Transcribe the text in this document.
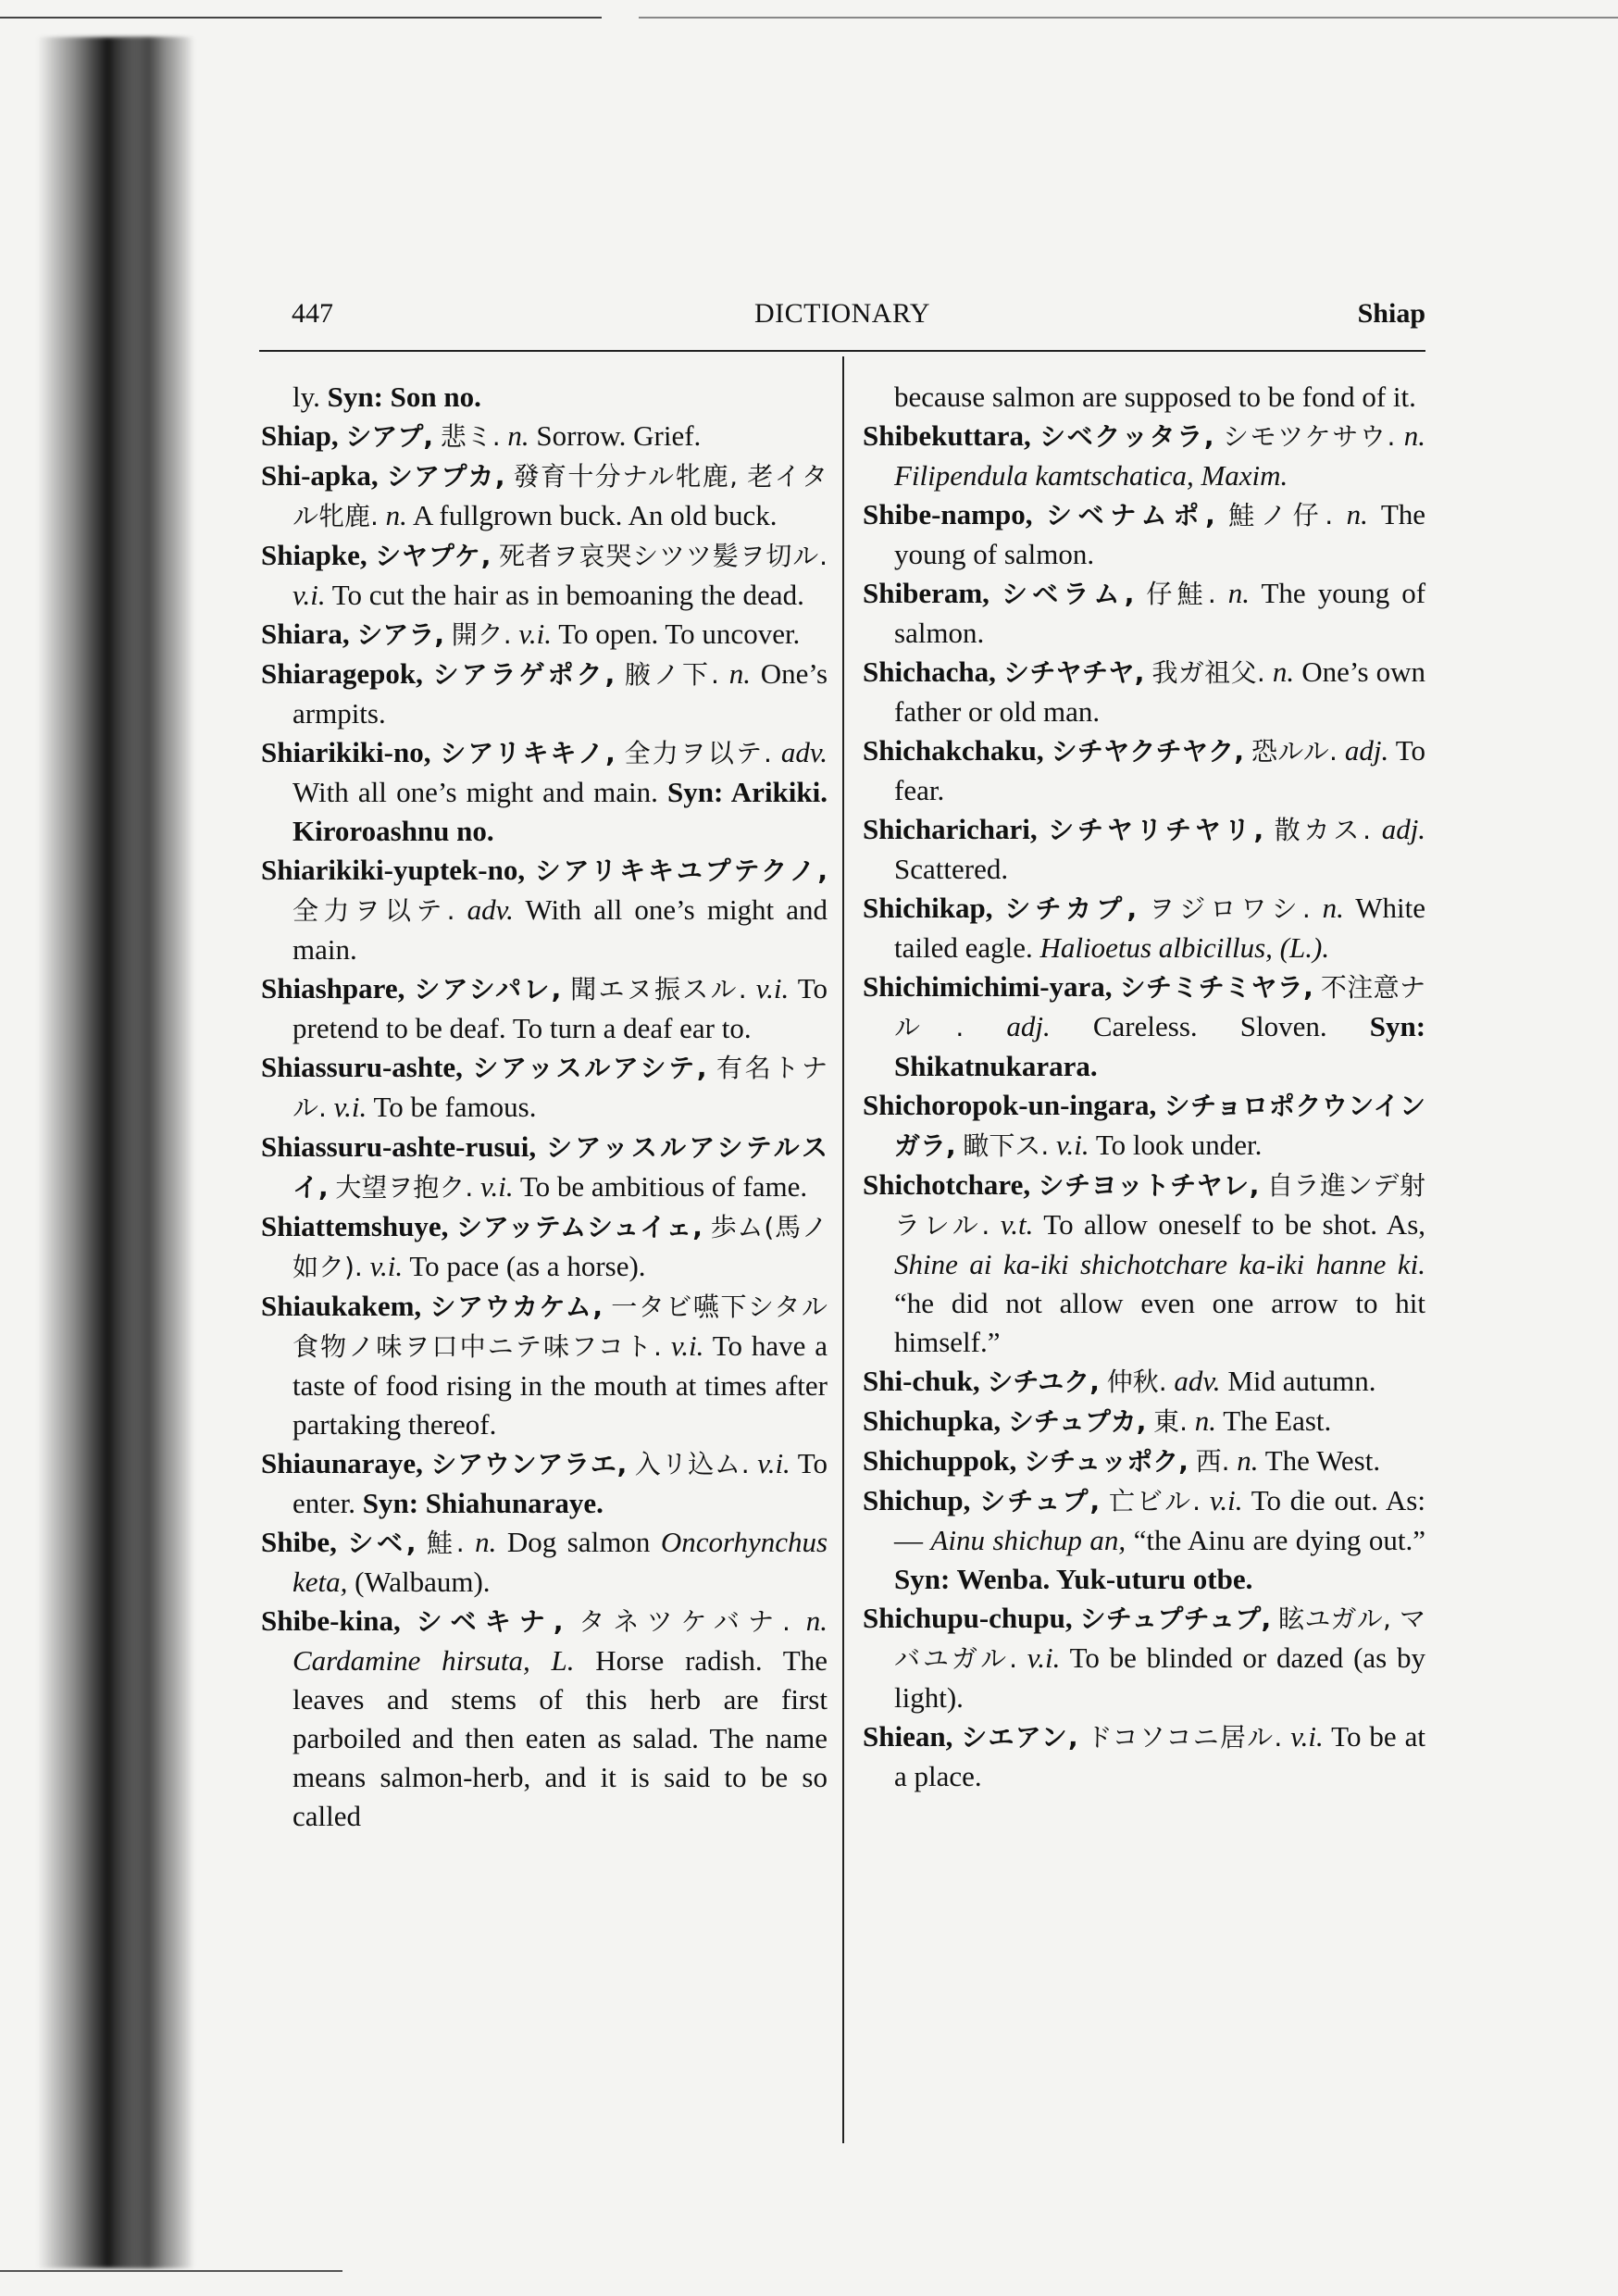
447	DICTIONARY	Shiap

ly. Syn: Son no.

Shiap, シアプ, 悲ミ. n. Sorrow. Grief.

Shi-apka, シアプカ, 發育十分ナル牝鹿, 老イタル牝鹿. n. A fullgrown buck. An old buck.

Shiapke, シヤプケ, 死者ヲ哀哭シツツ髪ヲ切ル. v.i. To cut the hair as in bemoaning the dead.

Shiara, シアラ, 開ク. v.i. To open. To uncover.

Shiaragepok, シアラゲポク, 腋ノ下. n. One’s armpits.

Shiarikiki-no, シアリキキノ, 全力ヲ以テ. adv. With all one’s might and main. Syn: Arikiki. Kiroroashnu no.

Shiarikiki-yuptek-no, シアリキキユプテクノ, 全力ヲ以テ. adv. With all one’s might and main.

Shiashpare, シアシパレ, 聞エヌ振スル. v.i. To pretend to be deaf. To turn a deaf ear to.

Shiassuru-ashte, シアッスルアシテ, 有名トナル. v.i. To be famous.

Shiassuru-ashte-rusui, シアッスルアシテルスイ, 大望ヲ抱ク. v.i. To be ambitious of fame.

Shiattemshuye, シアッテムシュイェ, 歩ム(馬ノ如ク). v.i. To pace (as a horse).

Shiaukakem, シアウカケム, 一タビ嚥下シタル食物ノ味ヲ口中ニテ味フコト. v.i. To have a taste of food rising in the mouth at times after partaking thereof.

Shiaunaraye, シアウンアラエ, 入リ込ム. v.i. To enter. Syn: Shiahunaraye.

Shibe, シベ, 鮭. n. Dog salmon Oncorhynchus keta, (Walbaum).

Shibe-kina, シベキナ, タネツケバナ. n. Cardamine hirsuta, L. Horse radish. The leaves and stems of this herb are first parboiled and then eaten as salad. The name means salmon-herb, and it is said to be so called

because salmon are supposed to be fond of it.

Shibekuttara, シベクッタラ, シモツケサウ. n. Filipendula kamtschatica, Maxim.

Shibe-nampo, シベナムポ, 鮭ノ仔. n. The young of salmon.

Shiberam, シベラム, 仔鮭. n. The young of salmon.

Shichacha, シチヤチヤ, 我ガ祖父. n. One’s own father or old man.

Shichakchaku, シチヤクチヤク, 恐ルル. adj. To fear.

Shicharichari, シチヤリチヤリ, 散カス. adj. Scattered.

Shichikap, シチカプ, ヲジロワシ. n. White tailed eagle. Halioetus albicillus, (L.).

Shichimichimi-yara, シチミチミヤラ, 不注意ナル. adj. Careless. Sloven. Syn: Shikatnukarara.

Shichoropok-un-ingara, シチョロポクウンインガラ, 瞰下ス. v.i. To look under.

Shichotchare, シチヨットチヤレ, 自ラ進ンデ射ラレル. v.t. To allow oneself to be shot. As, Shine ai ka-iki shichotchare ka-iki hanne ki. “he did not allow even one arrow to hit himself.”

Shi-chuk, シチユク, 仲秋. adv. Mid autumn.

Shichupka, シチュプカ, 東. n. The East.

Shichuppok, シチュッポク, 西. n. The West.

Shichup, シチュプ, 亡ビル. v.i. To die out. As:— Ainu shichup an, “the Ainu are dying out.” Syn: Wenba. Yuk-uturu otbe.

Shichupu-chupu, シチュプチュプ, 眩ユガル, マバユガル. v.i. To be blinded or dazed (as by light).

Shiean, シエアン, ドコソコニ居ル. v.i. To be at a place.
